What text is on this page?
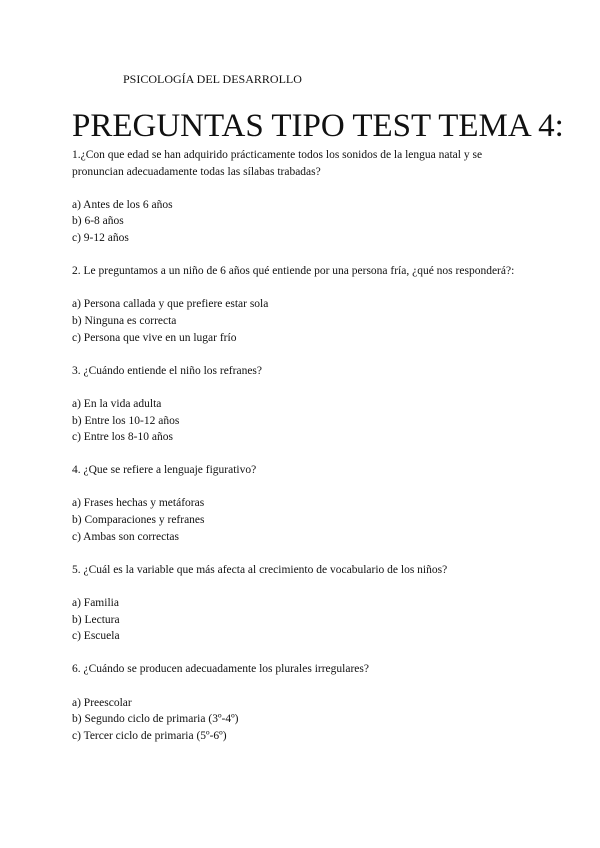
PSICOLOGÍA DEL DESARROLLO
PREGUNTAS TIPO TEST TEMA 4:

1.¿Con que edad se han adquirido prácticamente todos los sonidos de la lengua natal y se pronuncian adecuadamente todas las sílabas trabadas?

a) Antes de los 6 años

b) 6-8 años

c) 9-12 años

2. Le preguntamos a un niño de 6 años qué entiende por una persona fría, ¿qué nos responderá?:

a) Persona callada y que prefiere estar sola

b) Ninguna es correcta

c) Persona que vive en un lugar frío

3. ¿Cuándo entiende el niño los refranes?

a) En la vida adulta

b) Entre los 10-12 años

c) Entre los 8-10 años

4. ¿Que se refiere a lenguaje figurativo?

a) Frases hechas y metáforas

b) Comparaciones y refranes

c) Ambas son correctas

5. ¿Cuál es la variable que más afecta al crecimiento de vocabulario de los niños?

a) Familia

b) Lectura

c) Escuela

6. ¿Cuándo se producen adecuadamente los plurales irregulares?

a) Preescolar

b) Segundo ciclo de primaria (3º-4º)

c) Tercer ciclo de primaria (5º-6º)
